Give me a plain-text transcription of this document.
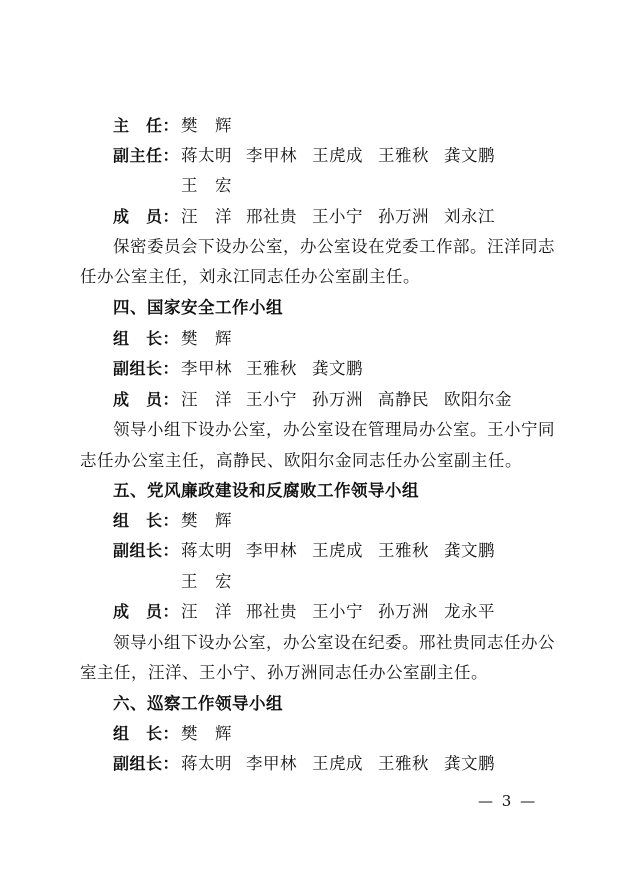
主　任： 樊　辉
副主任： 蒋太明 李甲林 王虎成 王雅秋 龚文鹏
王　宏
成　员： 汪　洋 邢社贵 王小宁 孙万洲 刘永江
保密委员会下设办公室，办公室设在党委工作部。汪洋同志
任办公室主任，刘永江同志任办公室副主任。
四、国家安全工作小组
组　长： 樊　辉
副组长： 李甲林 王雅秋 龚文鹏
成　员： 汪　洋 王小宁 孙万洲 高静民 欧阳尔金
领导小组下设办公室，办公室设在管理局办公室。王小宁同
志任办公室主任，高静民、欧阳尔金同志任办公室副主任。
五、党风廉政建设和反腐败工作领导小组
组　长： 樊　辉
副组长： 蒋太明 李甲林 王虎成 王雅秋 龚文鹏
王　宏
成　员： 汪　洋 邢社贵 王小宁 孙万洲 龙永平
领导小组下设办公室，办公室设在纪委。邢社贵同志任办公
室主任，汪洋、王小宁、孙万洲同志任办公室副主任。
六、巡察工作领导小组
组　长： 樊　辉
副组长： 蒋太明 李甲林 王虎成 王雅秋 龚文鹏
— 3 —
